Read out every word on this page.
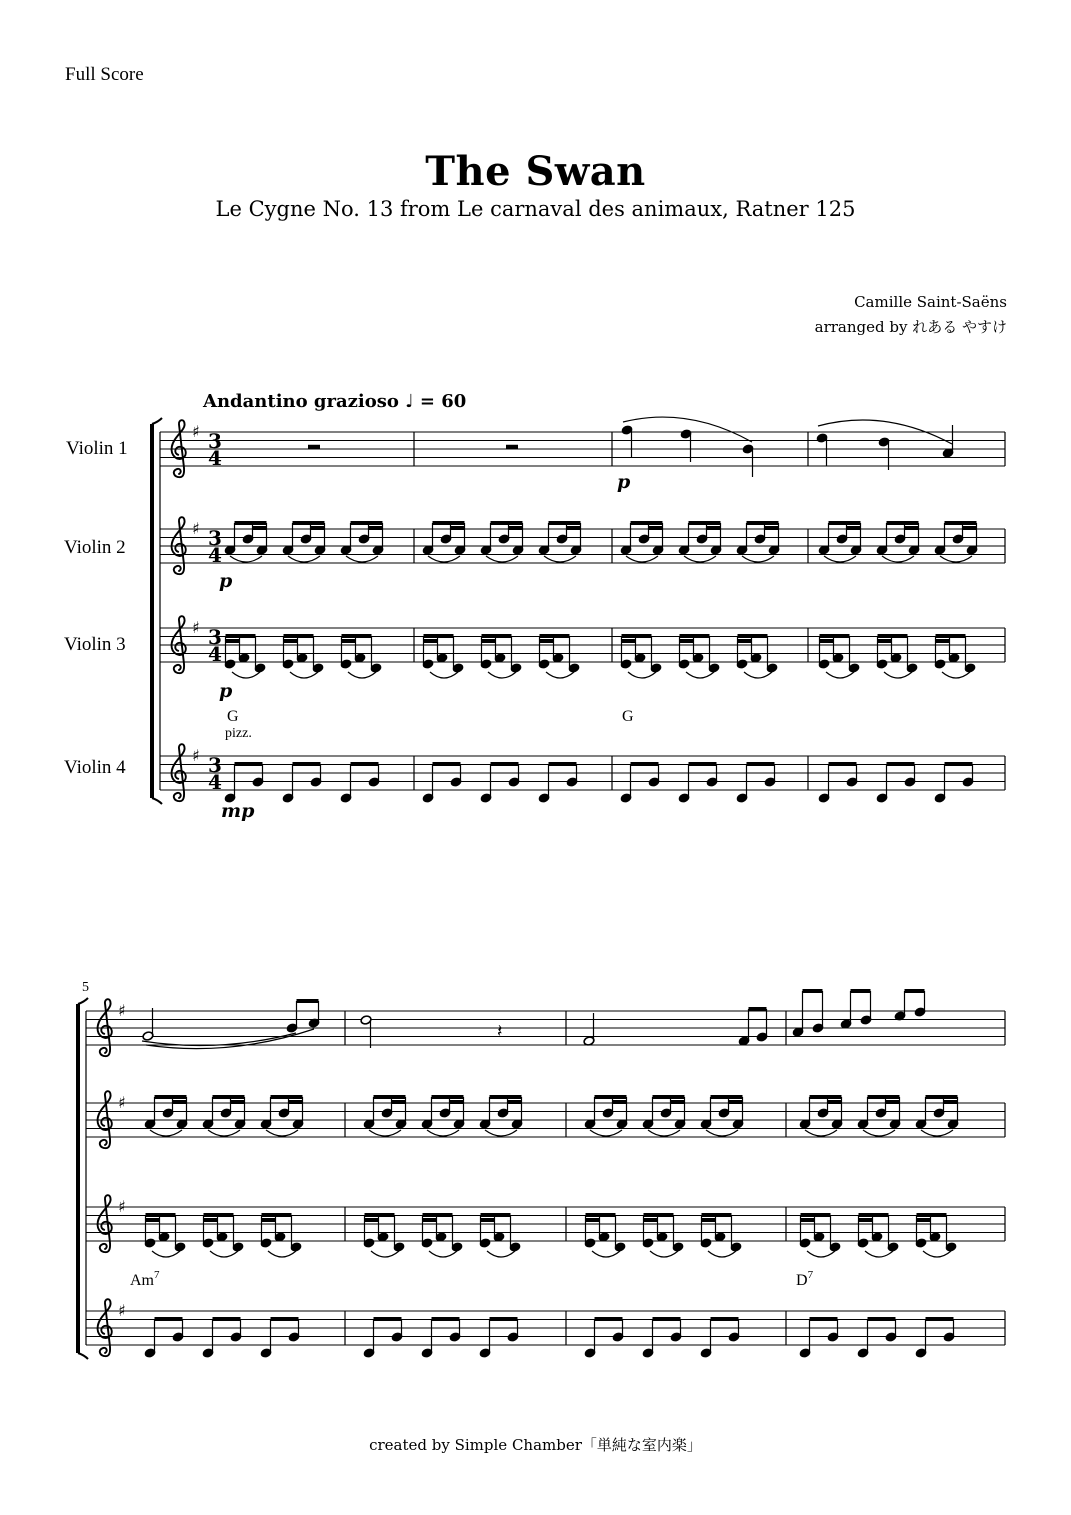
Full Score
The Swan
Le Cygne No. 13 from Le carnaval des animaux, Ratner 125
Camille Saint-Saëns
arranged by れある やすけ
Andantino grazioso ♩ = 60
Violin 1
Violin 2
Violin 3
Violin 4
created by Simple Chamber「単純な室内楽」
♯ 3
4
♯ 3
4
♯ 3
4
♯ 3
4
♯
♯
♯
♯
𝄽
p
p
p
mp
G
pizz.
G
Am$^7$	$D^7$
5
